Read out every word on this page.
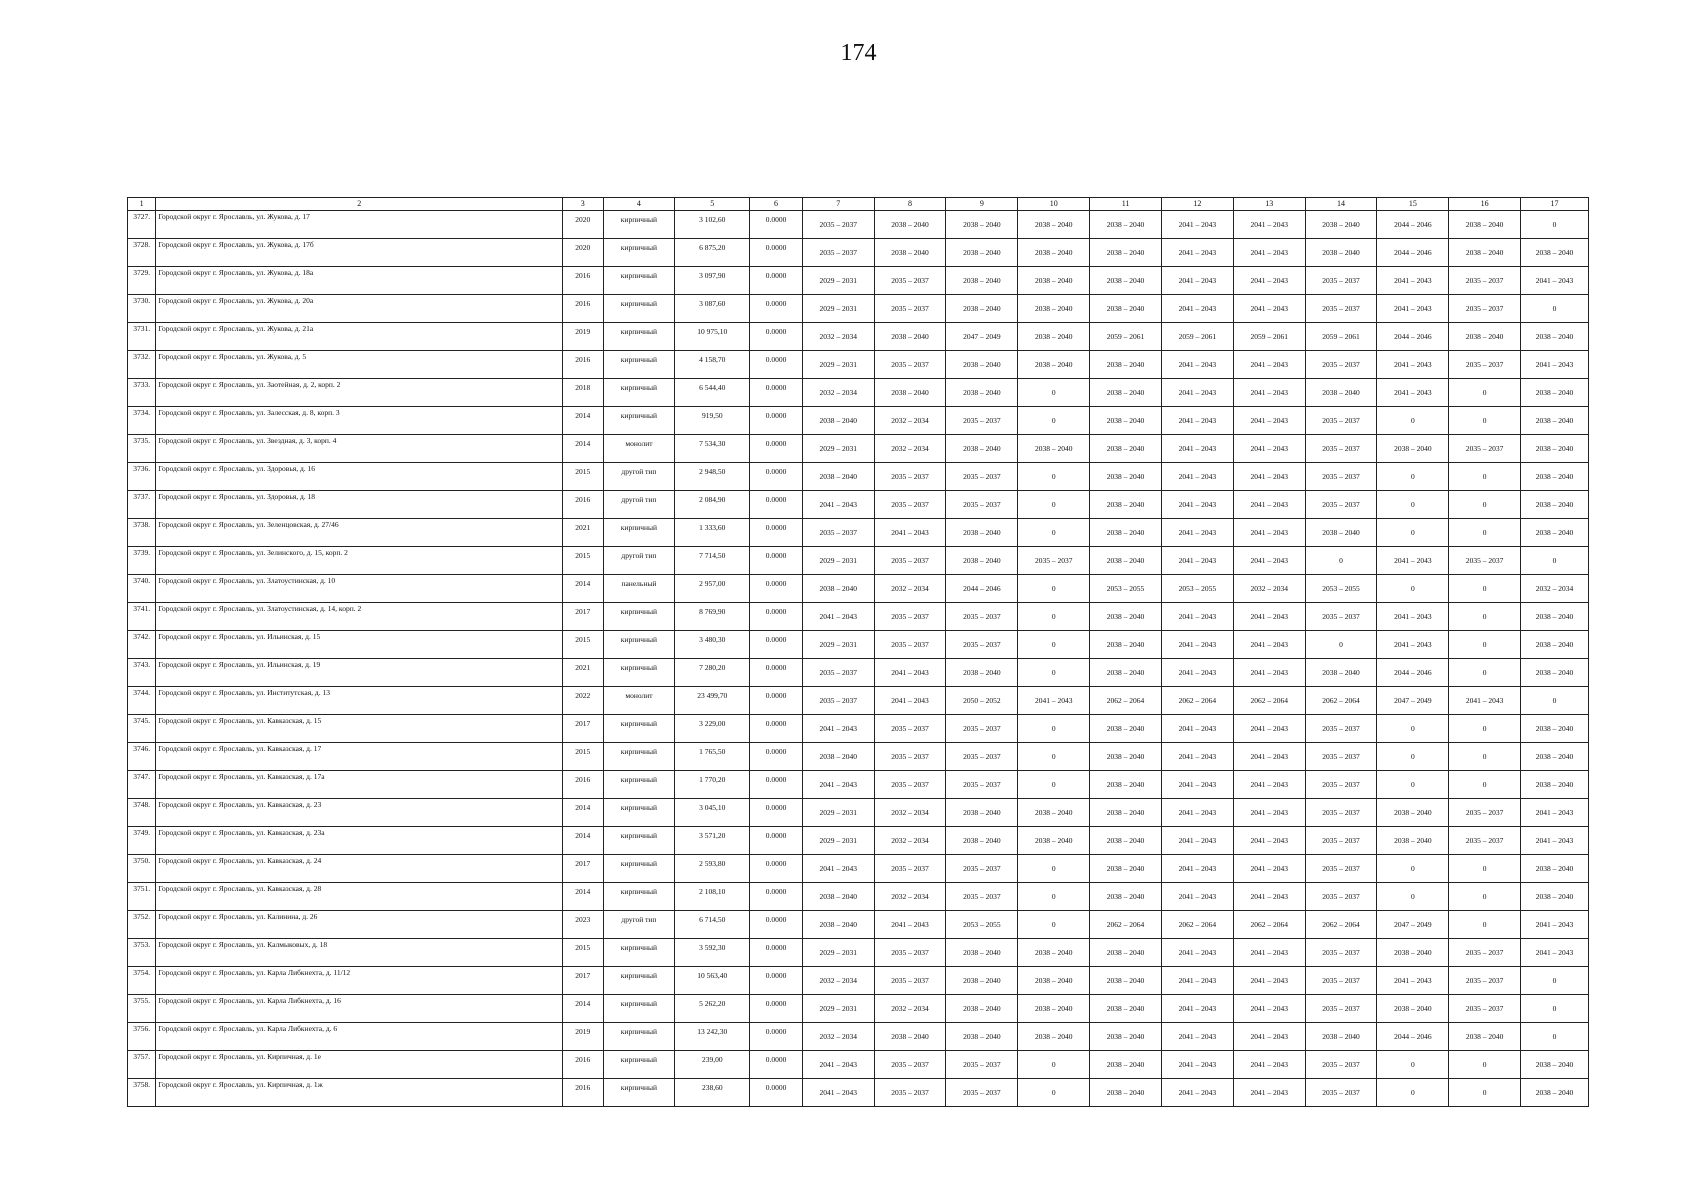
174
1	2	3	4	5	6	7	8	9	10	11	12	13	14	15	16	17
3727.	Городской округ г. Ярославль, ул. Жукова, д. 17	2020	кирпичный	3 102,60	0.0000	2035 – 2037	2038 – 2040	2038 – 2040	2038 – 2040	2038 – 2040	2041 – 2043	2041 – 2043	2038 – 2040	2044 – 2046	2038 – 2040	0
3728.	Городской округ г. Ярославль, ул. Жукова, д. 17б	2020	кирпичный	6 875,20	0.0000	2035 – 2037	2038 – 2040	2038 – 2040	2038 – 2040	2038 – 2040	2041 – 2043	2041 – 2043	2038 – 2040	2044 – 2046	2038 – 2040	2038 – 2040
3729.	Городской округ г. Ярославль, ул. Жукова, д. 18а	2016	кирпичный	3 097,90	0.0000	2029 – 2031	2035 – 2037	2038 – 2040	2038 – 2040	2038 – 2040	2041 – 2043	2041 – 2043	2035 – 2037	2041 – 2043	2035 – 2037	2041 – 2043
3730.	Городской округ г. Ярославль, ул. Жукова, д. 20а	2016	кирпичный	3 087,60	0.0000	2029 – 2031	2035 – 2037	2038 – 2040	2038 – 2040	2038 – 2040	2041 – 2043	2041 – 2043	2035 – 2037	2041 – 2043	2035 – 2037	0
3731.	Городской округ г. Ярославль, ул. Жукова, д. 21а	2019	кирпичный	10 975,10	0.0000	2032 – 2034	2038 – 2040	2047 – 2049	2038 – 2040	2059 – 2061	2059 – 2061	2059 – 2061	2059 – 2061	2044 – 2046	2038 – 2040	2038 – 2040
3732.	Городской округ г. Ярославль, ул. Жукова, д. 5	2016	кирпичный	4 158,70	0.0000	2029 – 2031	2035 – 2037	2038 – 2040	2038 – 2040	2038 – 2040	2041 – 2043	2041 – 2043	2035 – 2037	2041 – 2043	2035 – 2037	2041 – 2043
3733.	Городской округ г. Ярославль, ул. Заотейная, д. 2, корп. 2	2018	кирпичный	6 544,40	0.0000	2032 – 2034	2038 – 2040	2038 – 2040	0	2038 – 2040	2041 – 2043	2041 – 2043	2038 – 2040	2041 – 2043	0	2038 – 2040
3734.	Городской округ г. Ярославль, ул. Залесская, д. 8, корп. 3	2014	кирпичный	919,50	0.0000	2038 – 2040	2032 – 2034	2035 – 2037	0	2038 – 2040	2041 – 2043	2041 – 2043	2035 – 2037	0	0	2038 – 2040
3735.	Городской округ г. Ярославль, ул. Звездная, д. 3, корп. 4	2014	монолит	7 534,30	0.0000	2029 – 2031	2032 – 2034	2038 – 2040	2038 – 2040	2038 – 2040	2041 – 2043	2041 – 2043	2035 – 2037	2038 – 2040	2035 – 2037	2038 – 2040
3736.	Городской округ г. Ярославль, ул. Здоровья, д. 16	2015	другой тип	2 948,50	0.0000	2038 – 2040	2035 – 2037	2035 – 2037	0	2038 – 2040	2041 – 2043	2041 – 2043	2035 – 2037	0	0	2038 – 2040
3737.	Городской округ г. Ярославль, ул. Здоровья, д. 18	2016	другой тип	2 084,90	0.0000	2041 – 2043	2035 – 2037	2035 – 2037	0	2038 – 2040	2041 – 2043	2041 – 2043	2035 – 2037	0	0	2038 – 2040
3738.	Городской округ г. Ярославль, ул. Зеленцовская, д. 27/46	2021	кирпичный	1 333,60	0.0000	2035 – 2037	2041 – 2043	2038 – 2040	0	2038 – 2040	2041 – 2043	2041 – 2043	2038 – 2040	0	0	2038 – 2040
3739.	Городской округ г. Ярославль, ул. Зелинского, д. 15, корп. 2	2015	другой тип	7 714,50	0.0000	2029 – 2031	2035 – 2037	2038 – 2040	2035 – 2037	2038 – 2040	2041 – 2043	2041 – 2043	0	2041 – 2043	2035 – 2037	0
3740.	Городской округ г. Ярославль, ул. Златоустинская, д. 10	2014	панельный	2 957,00	0.0000	2038 – 2040	2032 – 2034	2044 – 2046	0	2053 – 2055	2053 – 2055	2032 – 2034	2053 – 2055	0	0	2032 – 2034
3741.	Городской округ г. Ярославль, ул. Златоустинская, д. 14, корп. 2	2017	кирпичный	8 769,90	0.0000	2041 – 2043	2035 – 2037	2035 – 2037	0	2038 – 2040	2041 – 2043	2041 – 2043	2035 – 2037	2041 – 2043	0	2038 – 2040
3742.	Городской округ г. Ярославль, ул. Ильинская, д. 15	2015	кирпичный	3 480,30	0.0000	2029 – 2031	2035 – 2037	2035 – 2037	0	2038 – 2040	2041 – 2043	2041 – 2043	0	2041 – 2043	0	2038 – 2040
3743.	Городской округ г. Ярославль, ул. Ильинская, д. 19	2021	кирпичный	7 280,20	0.0000	2035 – 2037	2041 – 2043	2038 – 2040	0	2038 – 2040	2041 – 2043	2041 – 2043	2038 – 2040	2044 – 2046	0	2038 – 2040
3744.	Городской округ г. Ярославль, ул. Институтская, д. 13	2022	монолит	23 499,70	0.0000	2035 – 2037	2041 – 2043	2050 – 2052	2041 – 2043	2062 – 2064	2062 – 2064	2062 – 2064	2062 – 2064	2047 – 2049	2041 – 2043	0
3745.	Городской округ г. Ярославль, ул. Кавказская, д. 15	2017	кирпичный	3 229,00	0.0000	2041 – 2043	2035 – 2037	2035 – 2037	0	2038 – 2040	2041 – 2043	2041 – 2043	2035 – 2037	0	0	2038 – 2040
3746.	Городской округ г. Ярославль, ул. Кавказская, д. 17	2015	кирпичный	1 765,50	0.0000	2038 – 2040	2035 – 2037	2035 – 2037	0	2038 – 2040	2041 – 2043	2041 – 2043	2035 – 2037	0	0	2038 – 2040
3747.	Городской округ г. Ярославль, ул. Кавказская, д. 17а	2016	кирпичный	1 770,20	0.0000	2041 – 2043	2035 – 2037	2035 – 2037	0	2038 – 2040	2041 – 2043	2041 – 2043	2035 – 2037	0	0	2038 – 2040
3748.	Городской округ г. Ярославль, ул. Кавказская, д. 23	2014	кирпичный	3 045,10	0.0000	2029 – 2031	2032 – 2034	2038 – 2040	2038 – 2040	2038 – 2040	2041 – 2043	2041 – 2043	2035 – 2037	2038 – 2040	2035 – 2037	2041 – 2043
3749.	Городской округ г. Ярославль, ул. Кавказская, д. 23а	2014	кирпичный	3 571,20	0.0000	2029 – 2031	2032 – 2034	2038 – 2040	2038 – 2040	2038 – 2040	2041 – 2043	2041 – 2043	2035 – 2037	2038 – 2040	2035 – 2037	2041 – 2043
3750.	Городской округ г. Ярославль, ул. Кавказская, д. 24	2017	кирпичный	2 593,80	0.0000	2041 – 2043	2035 – 2037	2035 – 2037	0	2038 – 2040	2041 – 2043	2041 – 2043	2035 – 2037	0	0	2038 – 2040
3751.	Городской округ г. Ярославль, ул. Кавказская, д. 28	2014	кирпичный	2 108,10	0.0000	2038 – 2040	2032 – 2034	2035 – 2037	0	2038 – 2040	2041 – 2043	2041 – 2043	2035 – 2037	0	0	2038 – 2040
3752.	Городской округ г. Ярославль, ул. Калинина, д. 26	2023	другой тип	6 714,50	0.0000	2038 – 2040	2041 – 2043	2053 – 2055	0	2062 – 2064	2062 – 2064	2062 – 2064	2062 – 2064	2047 – 2049	0	2041 – 2043
3753.	Городской округ г. Ярославль, ул. Калмыковых, д. 18	2015	кирпичный	3 592,30	0.0000	2029 – 2031	2035 – 2037	2038 – 2040	2038 – 2040	2038 – 2040	2041 – 2043	2041 – 2043	2035 – 2037	2038 – 2040	2035 – 2037	2041 – 2043
3754.	Городской округ г. Ярославль, ул. Карла Либкнехта, д. 11/12	2017	кирпичный	10 563,40	0.0000	2032 – 2034	2035 – 2037	2038 – 2040	2038 – 2040	2038 – 2040	2041 – 2043	2041 – 2043	2035 – 2037	2041 – 2043	2035 – 2037	0
3755.	Городской округ г. Ярославль, ул. Карла Либкнехта, д. 16	2014	кирпичный	5 262,20	0.0000	2029 – 2031	2032 – 2034	2038 – 2040	2038 – 2040	2038 – 2040	2041 – 2043	2041 – 2043	2035 – 2037	2038 – 2040	2035 – 2037	0
3756.	Городской округ г. Ярославль, ул. Карла Либкнехта, д. 6	2019	кирпичный	13 242,30	0.0000	2032 – 2034	2038 – 2040	2038 – 2040	2038 – 2040	2038 – 2040	2041 – 2043	2041 – 2043	2038 – 2040	2044 – 2046	2038 – 2040	0
3757.	Городской округ г. Ярославль, ул. Кирпичная, д. 1е	2016	кирпичный	239,00	0.0000	2041 – 2043	2035 – 2037	2035 – 2037	0	2038 – 2040	2041 – 2043	2041 – 2043	2035 – 2037	0	0	2038 – 2040
3758.	Городской округ г. Ярославль, ул. Кирпичная, д. 1ж	2016	кирпичный	238,60	0.0000	2041 – 2043	2035 – 2037	2035 – 2037	0	2038 – 2040	2041 – 2043	2041 – 2043	2035 – 2037	0	0	2038 – 2040
